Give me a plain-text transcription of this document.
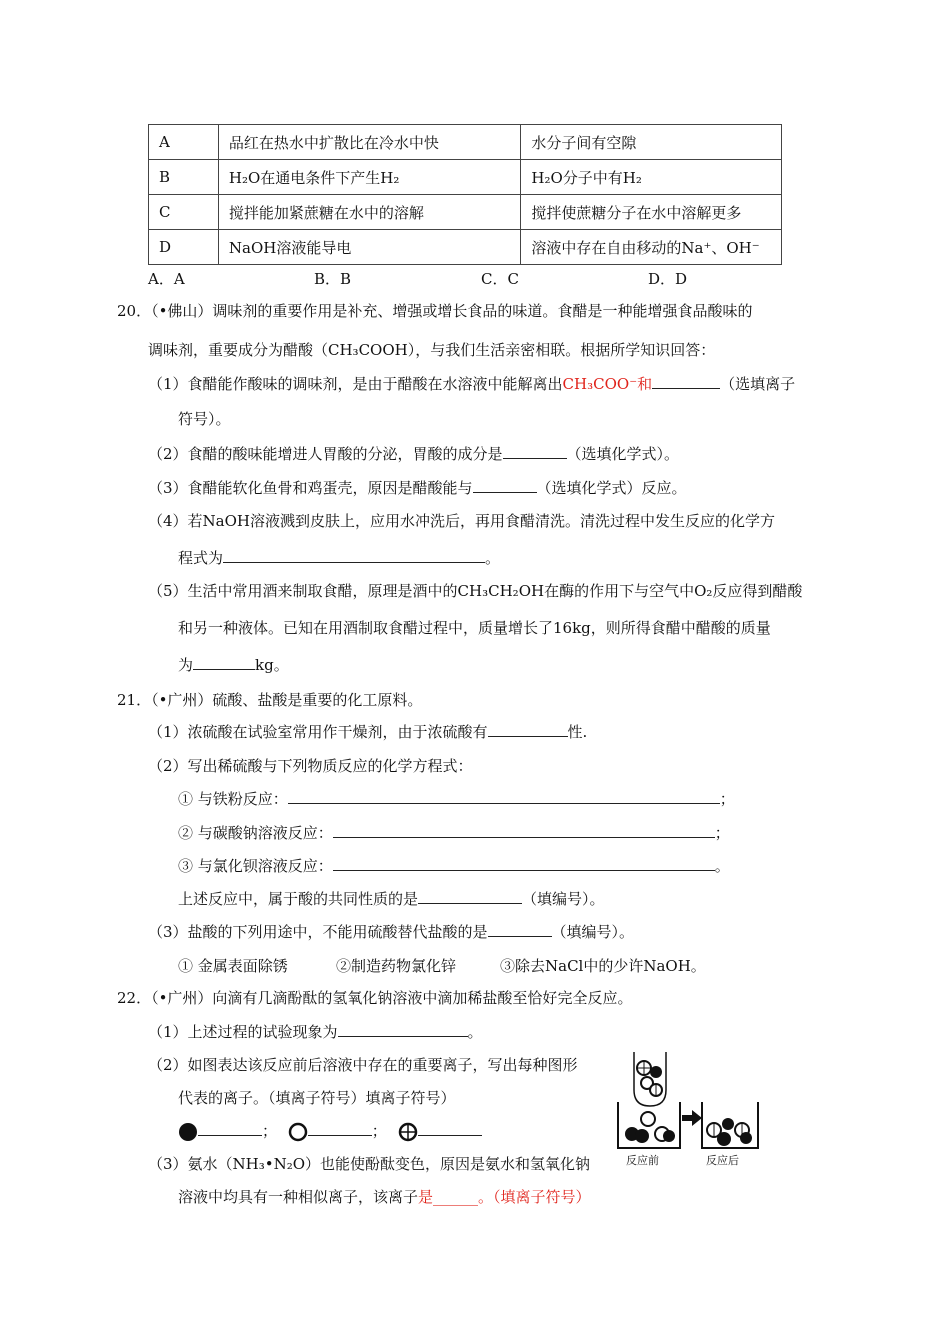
A	品红在热水中扩散比在冷水中快	水分子间有空隙
B	H₂O在通电条件下产生H₂	H₂O分子中有H₂
C	搅拌能加紧蔗糖在水中的溶解	搅拌使蔗糖分子在水中溶解更多
D	NaOH溶液能导电	溶液中存在自由移动的Na⁺、OH⁻
A．A	B．B	C．C	D．D
20．（•佛山）调味剂的重要作用是补充、增强或增长食品的味道。食醋是一种能增强食品酸味的
调味剂，重要成分为醋酸（CH₃COOH），与我们生活亲密相联。根据所学知识回答：
（1）食醋能作酸味的调味剂，是由于醋酸在水溶液中能解离出CH₃COO⁻和	（选填离子
符号）。
（2）食醋的酸味能增进人胃酸的分泌，胃酸的成分是	（选填化学式）。
（3）食醋能软化鱼骨和鸡蛋壳，原因是醋酸能与	（选填化学式）反应。
（4）若NaOH溶液溅到皮肤上，应用水冲洗后，再用食醋清洗。清洗过程中发生反应的化学方
程式为	。
（5）生活中常用酒来制取食醋，原理是酒中的CH₃CH₂OH在酶的作用下与空气中O₂反应得到醋酸
和另一种液体。已知在用酒制取食醋过程中，质量增长了16kg，则所得食醋中醋酸的质量
为	kg。
21．（•广州）硫酸、盐酸是重要的化工原料。
（1）浓硫酸在试验室常用作干燥剂，由于浓硫酸有	性.
（2）写出稀硫酸与下列物质反应的化学方程式：
① 与铁粉反应：	；
② 与碳酸钠溶液反应：	；
③ 与氯化钡溶液反应：	。
上述反应中，属于酸的共同性质的是	（填编号）。
（3）盐酸的下列用途中，不能用硫酸替代盐酸的是	（填编号）。
① 金属表面除锈	②制造药物氯化锌	③除去NaCl中的少许NaOH。
22．（•广州）向滴有几滴酚酞的氢氧化钠溶液中滴加稀盐酸至恰好完全反应。
（1）上述过程的试验现象为	。
（2）如图表达该反应前后溶液中存在的重要离子，写出每种图形
代表的离子。（填离子符号）填离子符号）
；	；
（3）氨水（NH₃•N₂O）也能使酚酞变色，原因是氨水和氢氧化钠
溶液中均具有一种相似离子，该离子是______。（填离子符号）
反应前	反应后
